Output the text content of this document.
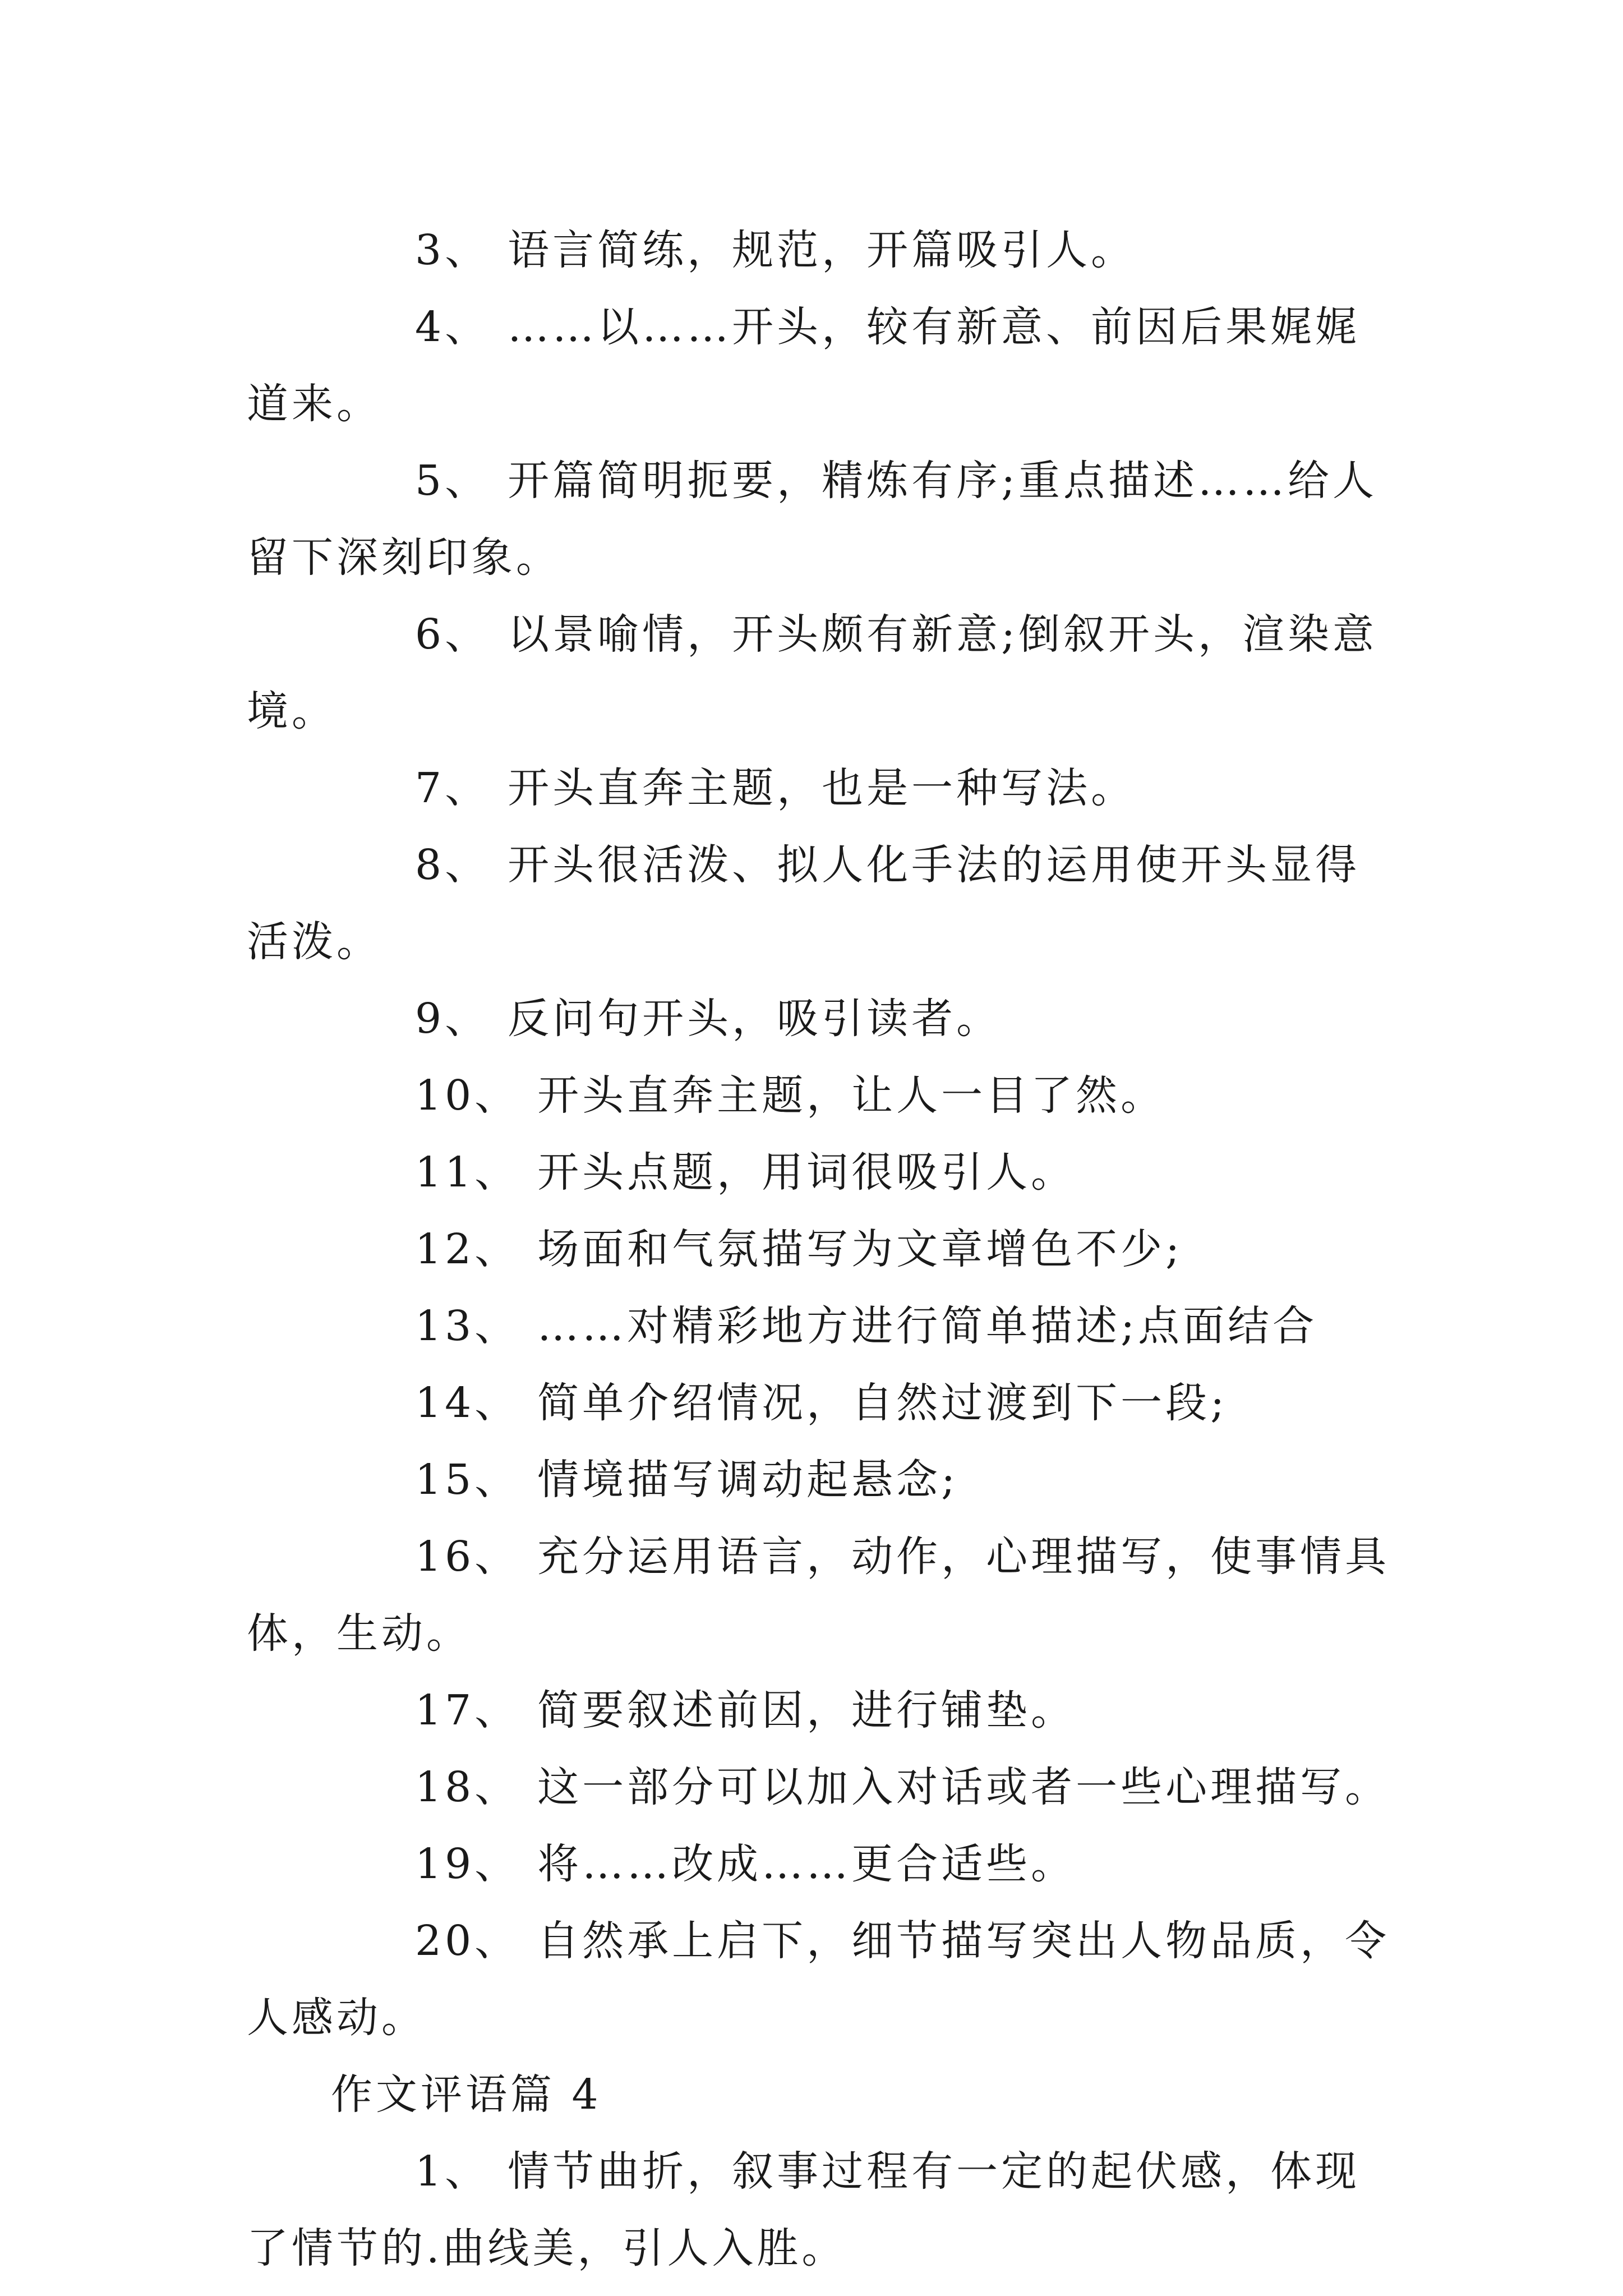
3、 语言简练，规范，开篇吸引人。

4、 ……以……开头，较有新意、前因后果娓娓道来。

5、 开篇简明扼要，精炼有序;重点描述……给人留下深刻印象。

6、 以景喻情，开头颇有新意;倒叙开头，渲染意境。

7、 开头直奔主题，也是一种写法。

8、 开头很活泼、拟人化手法的运用使开头显得活泼。

9、 反问句开头，吸引读者。

10、 开头直奔主题，让人一目了然。

11、 开头点题，用词很吸引人。

12、 场面和气氛描写为文章增色不少;

13、 ……对精彩地方进行简单描述;点面结合

14、 简单介绍情况，自然过渡到下一段;

15、 情境描写调动起悬念;

16、 充分运用语言，动作，心理描写，使事情具体，生动。

17、 简要叙述前因，进行铺垫。

18、 这一部分可以加入对话或者一些心理描写。

19、 将……改成……更合适些。

20、 自然承上启下，细节描写突出人物品质，令人感动。

作文评语篇 4

1、 情节曲折，叙事过程有一定的起伏感，体现了情节的.曲线美，引人入胜。
